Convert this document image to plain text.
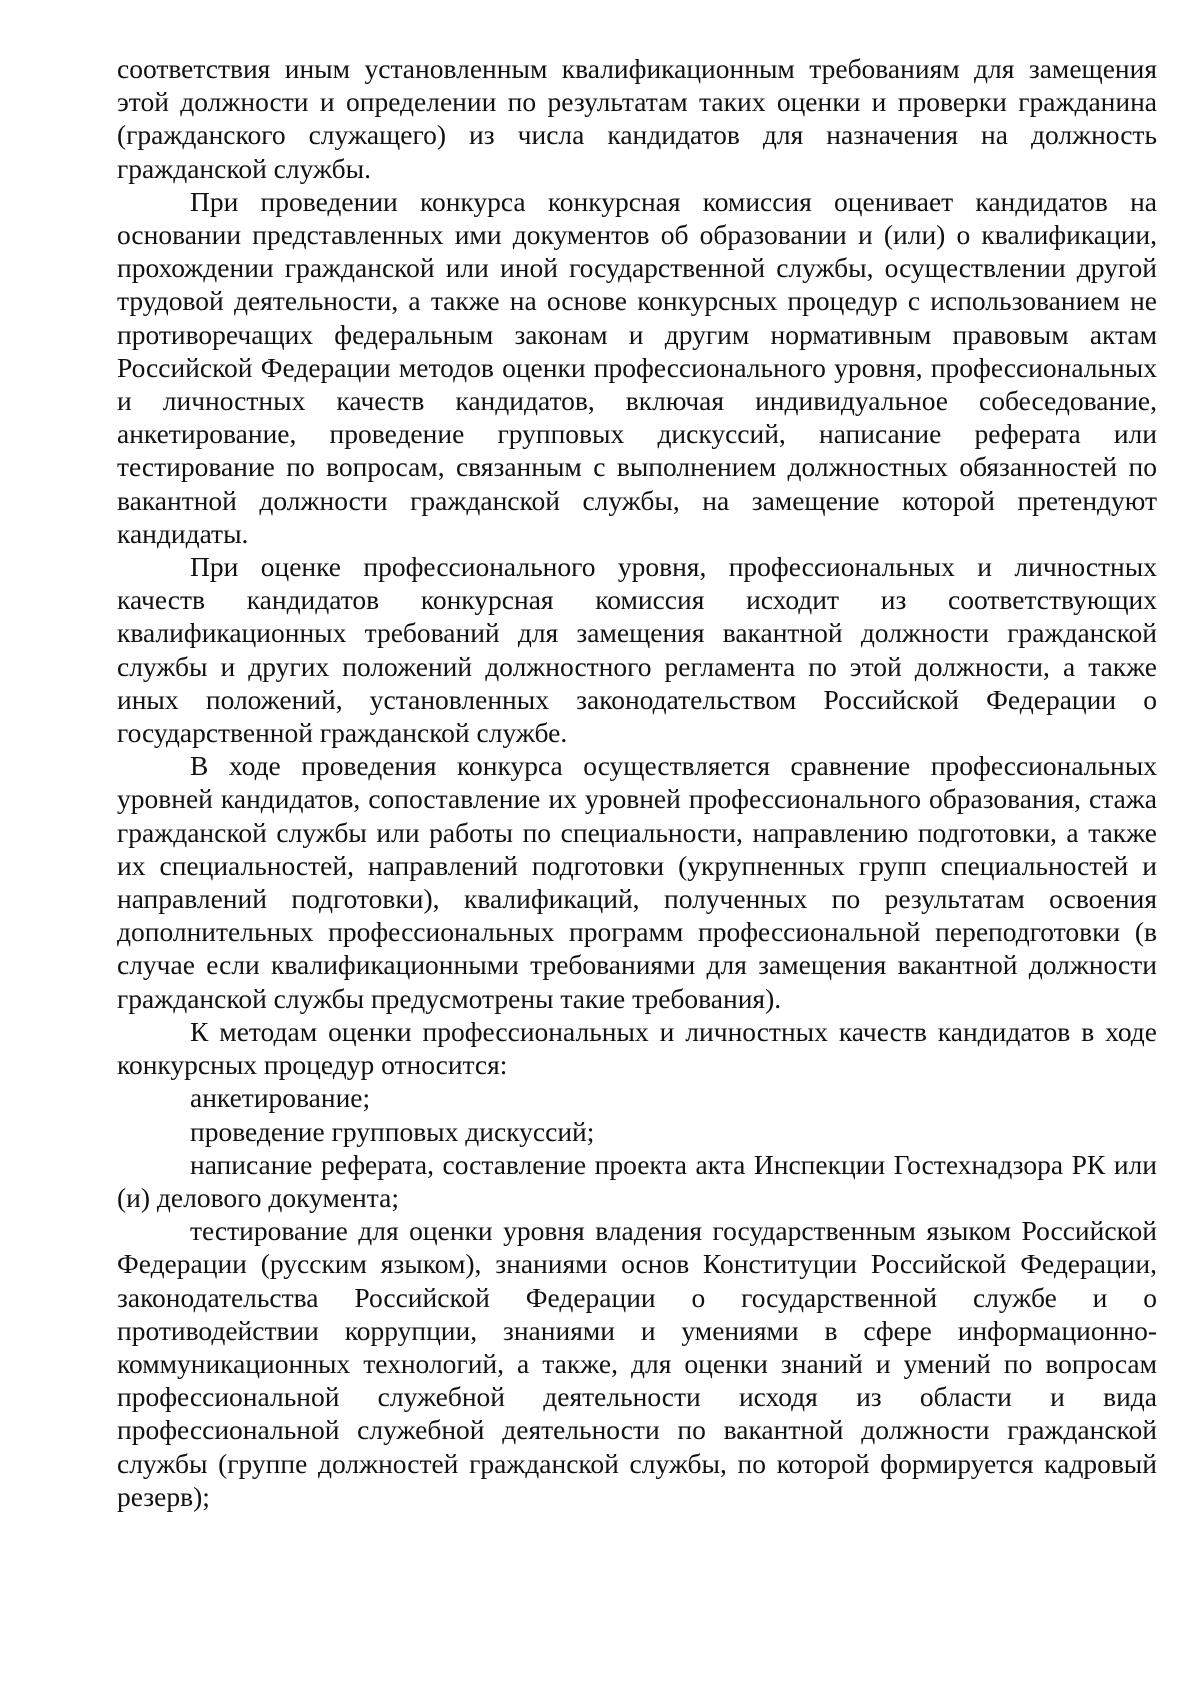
соответствия иным установленным квалификационным требованиям для замещения этой должности и определении по результатам таких оценки и проверки гражданина (гражданского служащего) из числа кандидатов для назначения на должность гражданской службы.

При проведении конкурса конкурсная комиссия оценивает кандидатов на основании представленных ими документов об образовании и (или) о квалификации, прохождении гражданской или иной государственной службы, осуществлении другой трудовой деятельности, а также на основе конкурсных процедур с использованием не противоречащих федеральным законам и другим нормативным правовым актам Российской Федерации методов оценки профессионального уровня, профессиональных и личностных качеств кандидатов, включая индивидуальное собеседование, анкетирование, проведение групповых дискуссий, написание реферата или тестирование по вопросам, связанным с выполнением должностных обязанностей по вакантной должности гражданской службы, на замещение которой претендуют кандидаты.

При оценке профессионального уровня, профессиональных и личностных качеств кандидатов конкурсная комиссия исходит из соответствующих квалификационных требований для замещения вакантной должности гражданской службы и других положений должностного регламента по этой должности, а также иных положений, установленных законодательством Российской Федерации о государственной гражданской службе.

В ходе проведения конкурса осуществляется сравнение профессиональных уровней кандидатов, сопоставление их уровней профессионального образования, стажа гражданской службы или работы по специальности, направлению подготовки, а также их специальностей, направлений подготовки (укрупненных групп специальностей и направлений подготовки), квалификаций, полученных по результатам освоения дополнительных профессиональных программ профессиональной переподготовки (в случае если квалификационными требованиями для замещения вакантной должности гражданской службы предусмотрены такие требования).

К методам оценки профессиональных и личностных качеств кандидатов в ходе конкурсных процедур относится:

анкетирование;

проведение групповых дискуссий;

написание реферата, составление проекта акта Инспекции Гостехнадзора РК или (и) делового документа;

тестирование для оценки уровня владения государственным языком Российской Федерации (русским языком), знаниями основ Конституции Российской Федерации, законодательства Российской Федерации о государственной службе и о противодействии коррупции, знаниями и умениями в сфере информационно-коммуникационных технологий, а также, для оценки знаний и умений по вопросам профессиональной служебной деятельности исходя из области и вида профессиональной служебной деятельности по вакантной должности гражданской службы (группе должностей гражданской службы, по которой формируется кадровый резерв);
